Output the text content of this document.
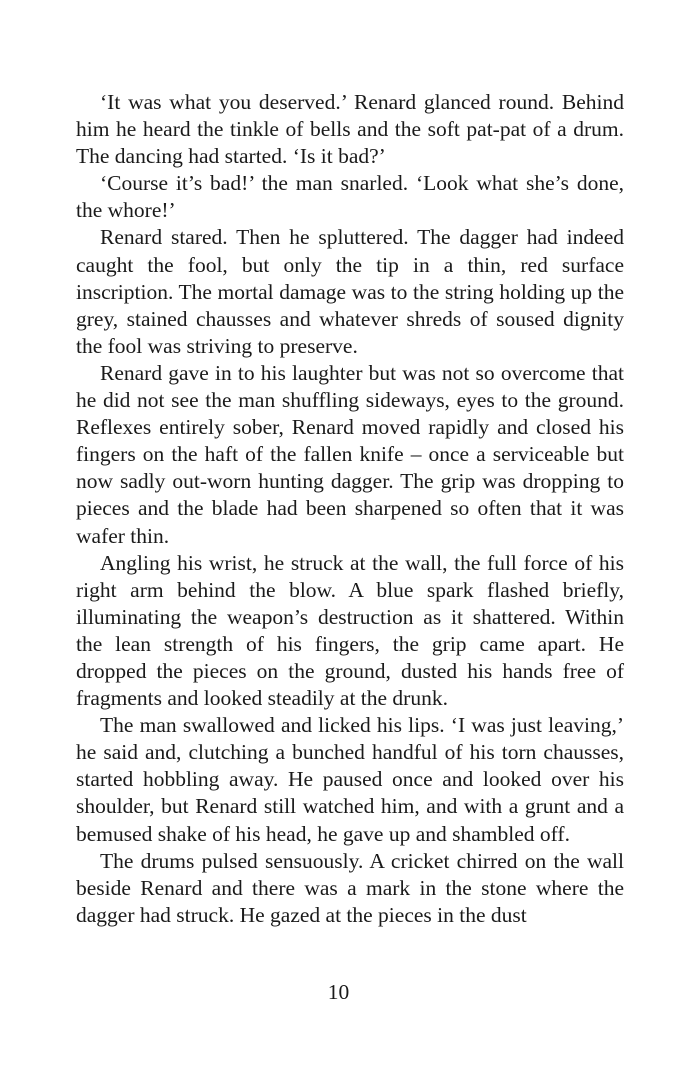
‘It was what you deserved.’ Renard glanced round. Behind him he heard the tinkle of bells and the soft pat-pat of a drum. The dancing had started. ‘Is it bad?’

‘Course it’s bad!’ the man snarled. ‘Look what she’s done, the whore!’

Renard stared. Then he spluttered. The dagger had indeed caught the fool, but only the tip in a thin, red surface inscription. The mortal damage was to the string holding up the grey, stained chausses and whatever shreds of soused dignity the fool was striving to preserve.

Renard gave in to his laughter but was not so overcome that he did not see the man shuffling sideways, eyes to the ground. Reflexes entirely sober, Renard moved rapidly and closed his fingers on the haft of the fallen knife – once a serviceable but now sadly out-worn hunting dagger. The grip was dropping to pieces and the blade had been sharpened so often that it was wafer thin.

Angling his wrist, he struck at the wall, the full force of his right arm behind the blow. A blue spark flashed briefly, illuminating the weapon’s destruction as it shattered. Within the lean strength of his fingers, the grip came apart. He dropped the pieces on the ground, dusted his hands free of fragments and looked steadily at the drunk.

The man swallowed and licked his lips. ‘I was just leaving,’ he said and, clutching a bunched handful of his torn chausses, started hobbling away. He paused once and looked over his shoulder, but Renard still watched him, and with a grunt and a bemused shake of his head, he gave up and shambled off.

The drums pulsed sensuously. A cricket chirred on the wall beside Renard and there was a mark in the stone where the dagger had struck. He gazed at the pieces in the dust

10
